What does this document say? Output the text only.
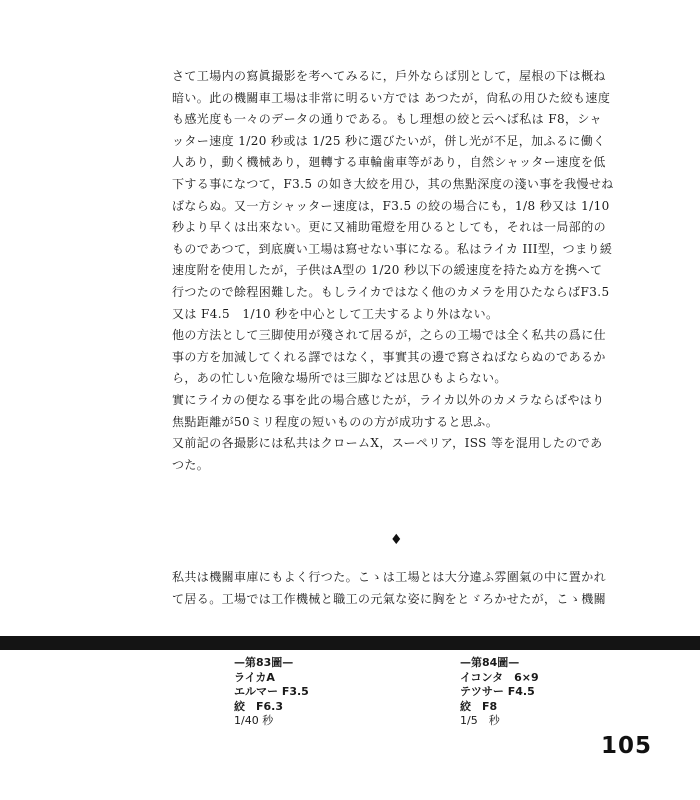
さて工場内の寫眞撮影を考へてみるに，戶外ならば別として，屋根の下は概ね
暗い。此の機關車工場は非常に明るい方では あつたが，尙私の用ひた絞も速度
も感光度も一々のデータの通りである。もし理想の絞と云へば私は F8，シャ
ッター速度 1/20 秒或は 1/25 秒に選びたいが，併し光が不足，加ふるに働く
人あり，動く機械あり，廻轉する車輪歯車等があり，自然シャッター速度を低
下する事になつて，F3.5 の如き大絞を用ひ，其の焦點深度の淺い事を我慢せね
ばならぬ。又一方シャッター速度は，F3.5 の絞の場合にも，1/8 秒又は 1/10
秒より早くは出來ない。更に又補助電燈を用ひるとしても，それは一局部的の
ものであつて，到底廣い工場は寫せない事になる。私はライカ III型，つまり緩
速度附を使用したが，子供はA型の 1/20 秒以下の緩速度を持たぬ方を携へて
行つたので餘程困難した。もしライカではなく他のカメラを用ひたならばF3.5
又は F4.5　1/10 秒を中心として工夫するより外はない。
他の方法として三脚使用が殘されて居るが，之らの工場では全く私共の爲に仕
事の方を加減してくれる譯ではなく，事實其の邊で寫さねばならぬのであるか
ら，あの忙しい危險な場所では三脚などは思ひもよらない。
實にライカの便なる事を此の場合感じたが，ライカ以外のカメラならばやはり
焦點距離が50ミリ程度の短いものの方が成功すると思ふ。
又前記の各撮影には私共はクロームX，スーペリア，ISS 等を混用したのであ
つた。
♦
私共は機關車庫にもよく行つた。こゝは工場とは大分違ふ雰圍氣の中に置かれ
て居る。工場では工作機械と職工の元氣な姿に胸をとゞろかせたが，こゝ機關
—第83圖—
ライカA
エルマー F3.5
絞　F6.3
1/40 秒
—第84圖—
イコンタ　6×9
テツサー F4.5
絞　F8
1/5　秒
105
